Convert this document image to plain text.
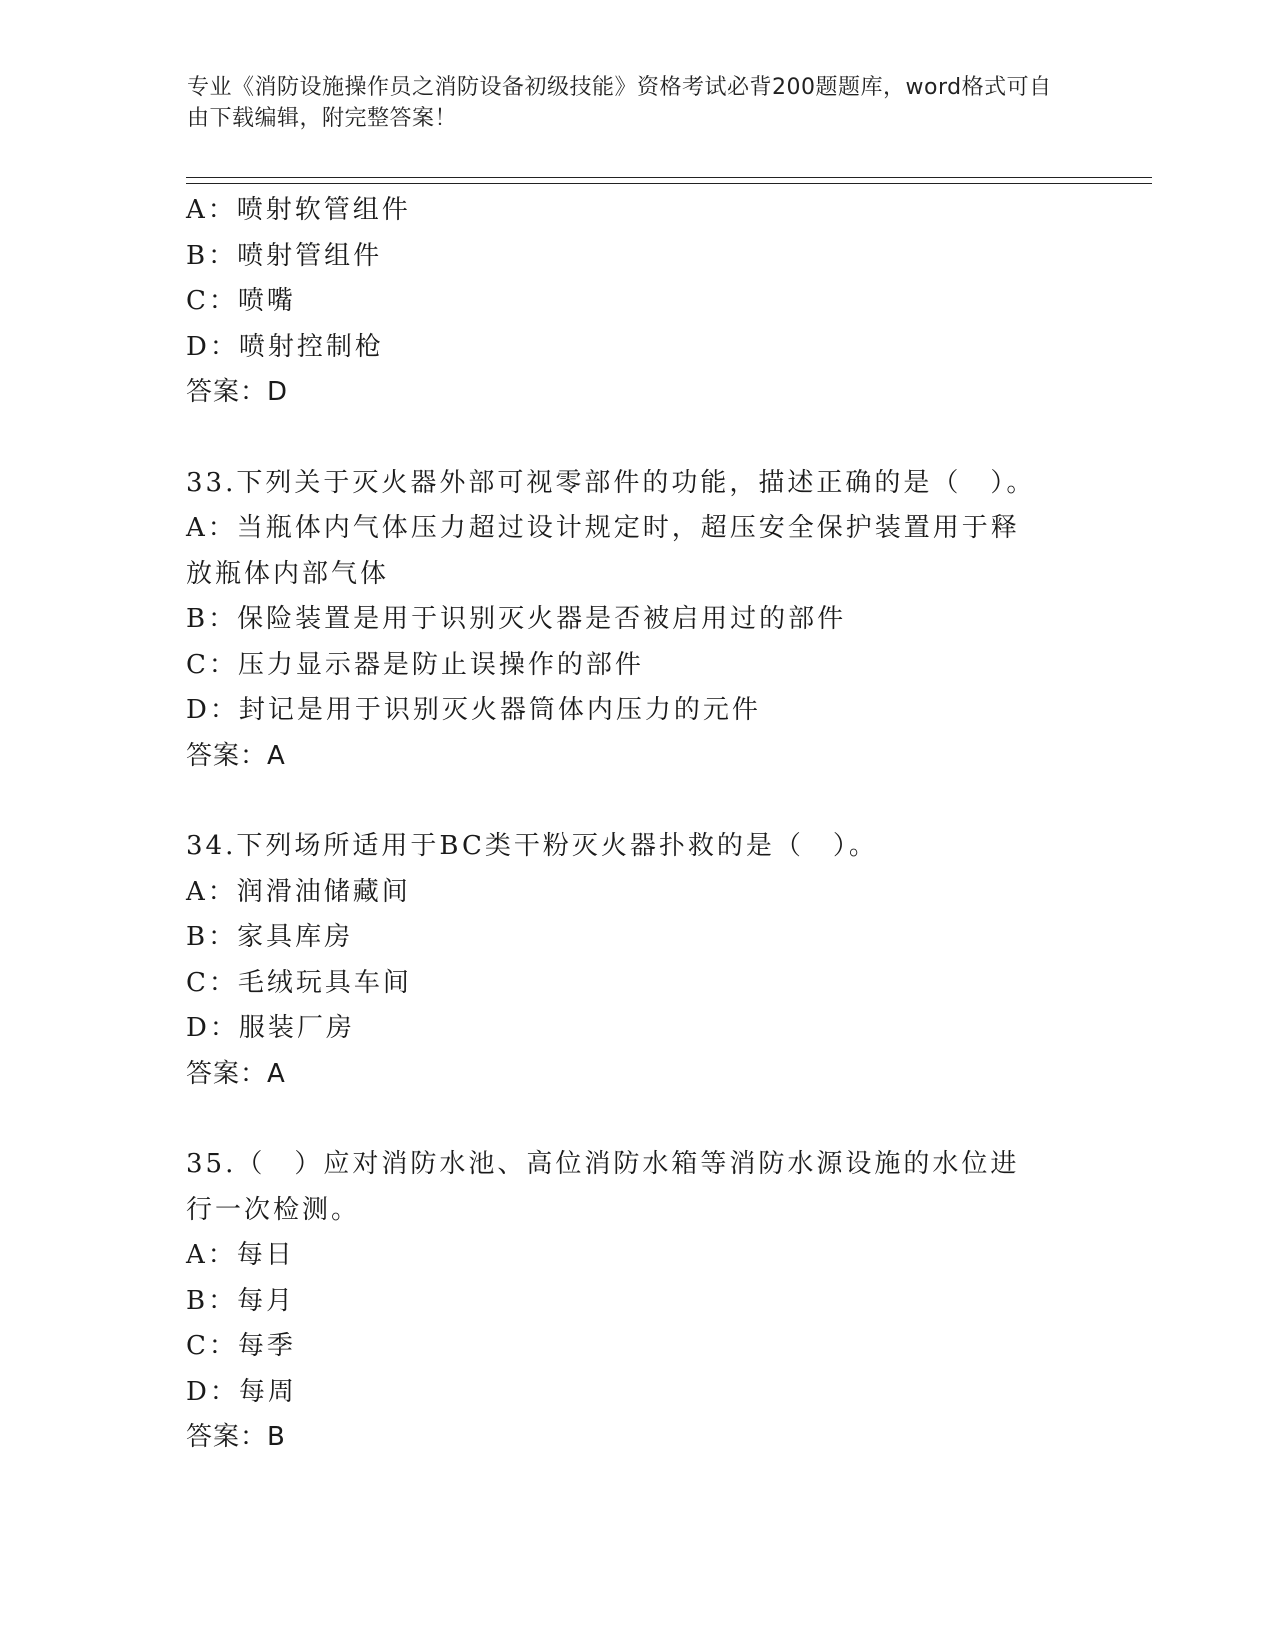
专业《消防设施操作员之消防设备初级技能》资格考试必背200题题库，word格式可自由下载编辑，附完整答案！
A：喷射软管组件
B：喷射管组件
C：喷嘴
D：喷射控制枪
答案：D
33.下列关于灭火器外部可视零部件的功能，描述正确的是（　）。
A：当瓶体内气体压力超过设计规定时，超压安全保护装置用于释放瓶体内部气体
B：保险装置是用于识别灭火器是否被启用过的部件
C：压力显示器是防止误操作的部件
D：封记是用于识别灭火器筒体内压力的元件
答案：A
34.下列场所适用于BC类干粉灭火器扑救的是（　）。
A：润滑油储藏间
B：家具库房
C：毛绒玩具车间
D：服装厂房
答案：A
35.（　）应对消防水池、高位消防水箱等消防水源设施的水位进行一次检测。
A：每日
B：每月
C：每季
D：每周
答案：B
